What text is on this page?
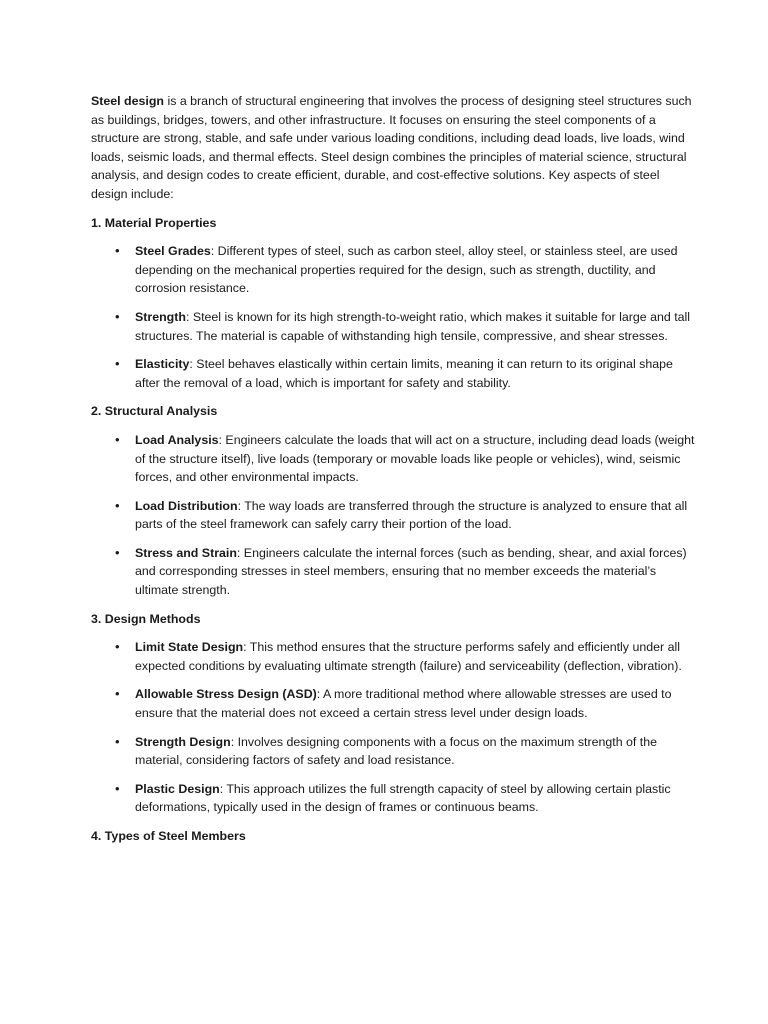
Steel design is a branch of structural engineering that involves the process of designing steel structures such as buildings, bridges, towers, and other infrastructure. It focuses on ensuring the steel components of a structure are strong, stable, and safe under various loading conditions, including dead loads, live loads, wind loads, seismic loads, and thermal effects. Steel design combines the principles of material science, structural analysis, and design codes to create efficient, durable, and cost-effective solutions. Key aspects of steel design include:

1. Material Properties
• Steel Grades: Different types of steel, such as carbon steel, alloy steel, or stainless steel, are used depending on the mechanical properties required for the design, such as strength, ductility, and corrosion resistance.
• Strength: Steel is known for its high strength-to-weight ratio, which makes it suitable for large and tall structures. The material is capable of withstanding high tensile, compressive, and shear stresses.
• Elasticity: Steel behaves elastically within certain limits, meaning it can return to its original shape after the removal of a load, which is important for safety and stability.
2. Structural Analysis
• Load Analysis: Engineers calculate the loads that will act on a structure, including dead loads (weight of the structure itself), live loads (temporary or movable loads like people or vehicles), wind, seismic forces, and other environmental impacts.
• Load Distribution: The way loads are transferred through the structure is analyzed to ensure that all parts of the steel framework can safely carry their portion of the load.
• Stress and Strain: Engineers calculate the internal forces (such as bending, shear, and axial forces) and corresponding stresses in steel members, ensuring that no member exceeds the material’s ultimate strength.
3. Design Methods
• Limit State Design: This method ensures that the structure performs safely and efficiently under all expected conditions by evaluating ultimate strength (failure) and serviceability (deflection, vibration).
• Allowable Stress Design (ASD): A more traditional method where allowable stresses are used to ensure that the material does not exceed a certain stress level under design loads.
• Strength Design: Involves designing components with a focus on the maximum strength of the material, considering factors of safety and load resistance.
• Plastic Design: This approach utilizes the full strength capacity of steel by allowing certain plastic deformations, typically used in the design of frames or continuous beams.
4. Types of Steel Members
